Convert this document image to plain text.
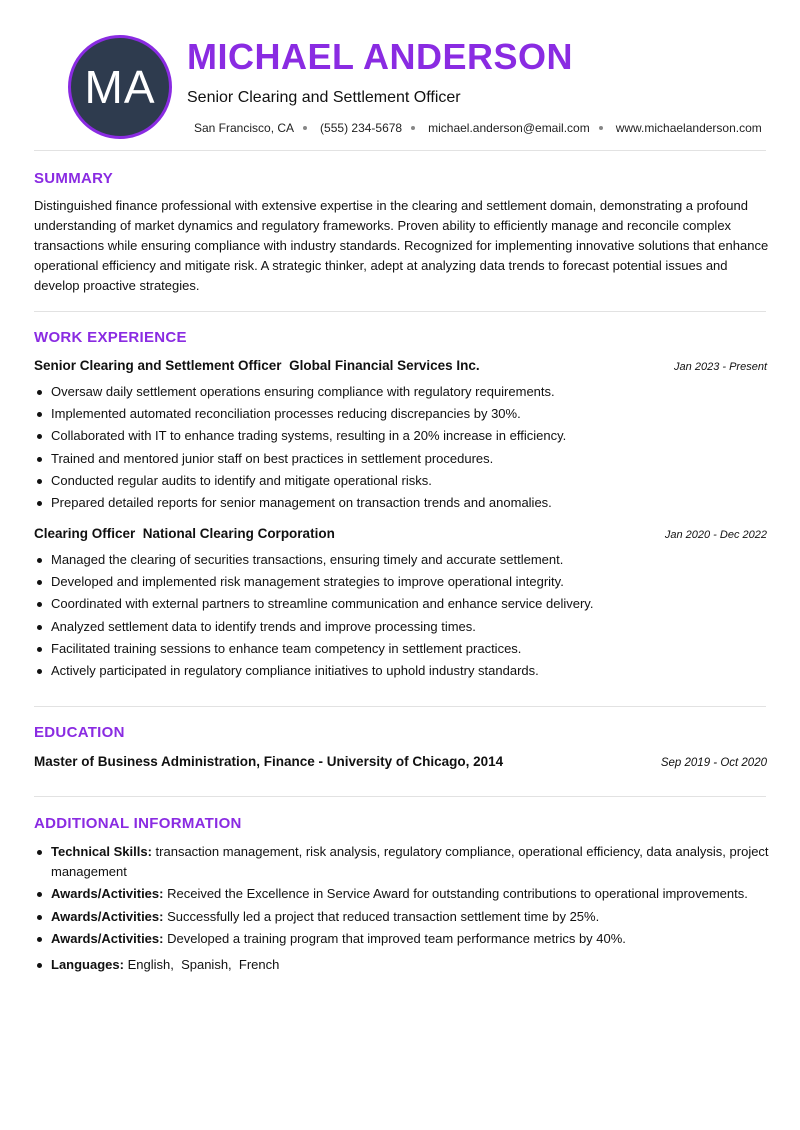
MA
MICHAEL ANDERSON
Senior Clearing and Settlement Officer
San Francisco, CA (555) 234-5678 michael.anderson@email.com www.michaelanderson.com
SUMMARY

Distinguished finance professional with extensive expertise in the clearing and settlement domain, demonstrating a profound understanding of market dynamics and regulatory frameworks. Proven ability to efficiently manage and reconcile complex transactions while ensuring compliance with industry standards. Recognized for implementing innovative solutions that enhance operational efficiency and mitigate risk. A strategic thinker, adept at analyzing data trends to forecast potential issues and develop proactive strategies.

WORK EXPERIENCE
Senior Clearing and Settlement Officer Global Financial Services Inc.	Jan 2023 - Present
Oversaw daily settlement operations ensuring compliance with regulatory requirements.
Implemented automated reconciliation processes reducing discrepancies by 30%.
Collaborated with IT to enhance trading systems, resulting in a 20% increase in efficiency.
Trained and mentored junior staff on best practices in settlement procedures.
Conducted regular audits to identify and mitigate operational risks.
Prepared detailed reports for senior management on transaction trends and anomalies.
Clearing Officer National Clearing Corporation	Jan 2020 - Dec 2022
Managed the clearing of securities transactions, ensuring timely and accurate settlement.
Developed and implemented risk management strategies to improve operational integrity.
Coordinated with external partners to streamline communication and enhance service delivery.
Analyzed settlement data to identify trends and improve processing times.
Facilitated training sessions to enhance team competency in settlement practices.
Actively participated in regulatory compliance initiatives to uphold industry standards.
EDUCATION
Master of Business Administration, Finance - University of Chicago, 2014	Sep 2019 - Oct 2020
ADDITIONAL INFORMATION
Technical Skills: transaction management, risk analysis, regulatory compliance, operational efficiency, data analysis, project management
Awards/Activities: Received the Excellence in Service Award for outstanding contributions to operational improvements.
Awards/Activities: Successfully led a project that reduced transaction settlement time by 25%.
Awards/Activities: Developed a training program that improved team performance metrics by 40%.
Languages: English,  Spanish,  French
